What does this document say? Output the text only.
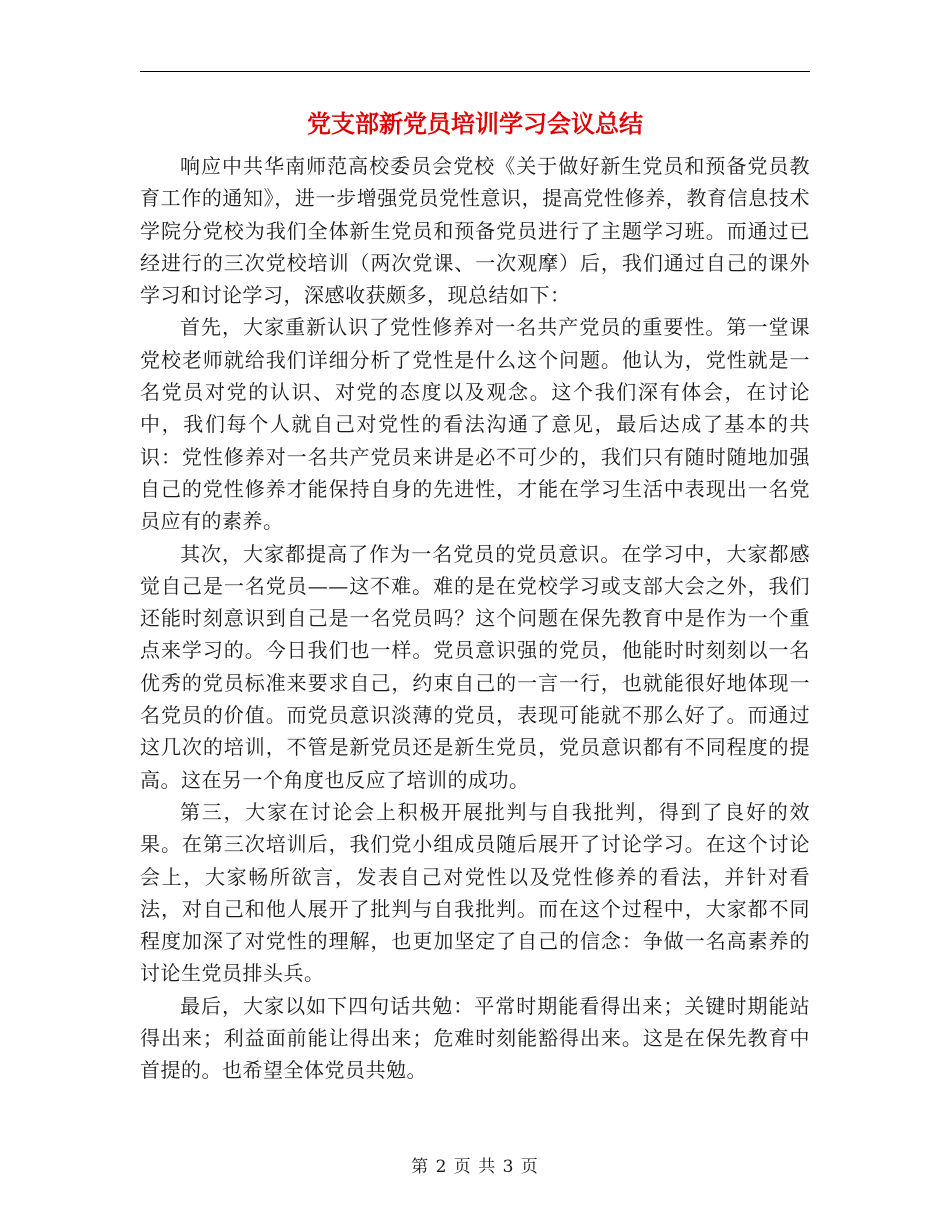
党支部新党员培训学习会议总结

响应中共华南师范高校委员会党校《关于做好新生党员和预备党员教育工作的通知》，进一步增强党员党性意识，提高党性修养，教育信息技术学院分党校为我们全体新生党员和预备党员进行了主题学习班。而通过已经进行的三次党校培训（两次党课、一次观摩）后，我们通过自己的课外学习和讨论学习，深感收获颇多，现总结如下：

首先，大家重新认识了党性修养对一名共产党员的重要性。第一堂课党校老师就给我们详细分析了党性是什么这个问题。他认为，党性就是一名党员对党的认识、对党的态度以及观念。这个我们深有体会，在讨论中，我们每个人就自己对党性的看法沟通了意见，最后达成了基本的共识：党性修养对一名共产党员来讲是必不可少的，我们只有随时随地加强自己的党性修养才能保持自身的先进性，才能在学习生活中表现出一名党员应有的素养。

其次，大家都提高了作为一名党员的党员意识。在学习中，大家都感觉自己是一名党员——这不难。难的是在党校学习或支部大会之外，我们还能时刻意识到自己是一名党员吗？这个问题在保先教育中是作为一个重点来学习的。今日我们也一样。党员意识强的党员，他能时时刻刻以一名优秀的党员标准来要求自己，约束自己的一言一行，也就能很好地体现一名党员的价值。而党员意识淡薄的党员，表现可能就不那么好了。而通过这几次的培训，不管是新党员还是新生党员，党员意识都有不同程度的提高。这在另一个角度也反应了培训的成功。

第三，大家在讨论会上积极开展批判与自我批判，得到了良好的效果。在第三次培训后，我们党小组成员随后展开了讨论学习。在这个讨论会上，大家畅所欲言，发表自己对党性以及党性修养的看法，并针对看法，对自己和他人展开了批判与自我批判。而在这个过程中，大家都不同程度加深了对党性的理解，也更加坚定了自己的信念：争做一名高素养的讨论生党员排头兵。

最后，大家以如下四句话共勉：平常时期能看得出来；关键时期能站得出来；利益面前能让得出来；危难时刻能豁得出来。这是在保先教育中首提的。也希望全体党员共勉。

第 2 页 共 3 页
